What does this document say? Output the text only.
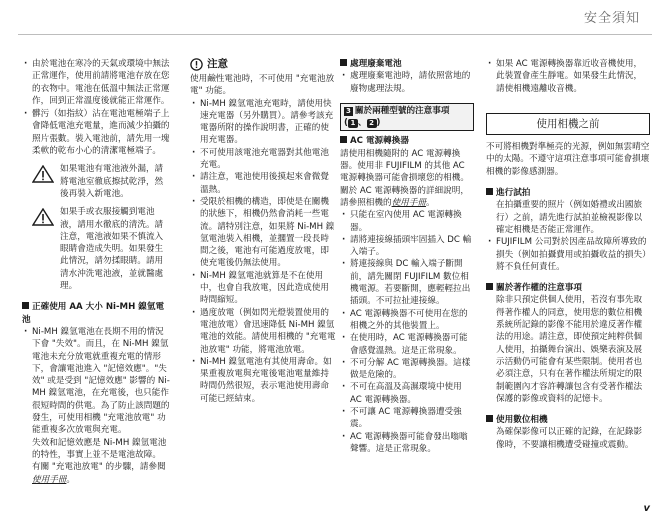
安全須知
· 由於電池在寒冷的天氣或環境中無法正常運作，使用前請將電池存放在您的衣物中。電池在低溫中無法正常運作，回到正常溫度後就能正常運作。
· 髒污（如指紋）沾在電池電極端子上會降低電池充電量，進而減少拍攝的照片張數。裝入電池前，請先用一塊柔軟的乾布小心的清潔電極端子。

如果電池有電池液外漏，請將電池室徹底擦拭乾淨，然後再裝入新電池。

如果手或衣服接觸到電池液，請用水徹底的清洗。請注意，電池液如果不慎流入眼睛會造成失明。如果發生此情況，請勿揉眼睛。請用清水沖洗電池液，並就醫處理。

正確使用 AA 大小 Ni-MH 鎳氫電池
· Ni-MH 鎳氫電池在長期不用的情況下會 "失效"。而且，在 Ni-MH 鎳氫電池未充分放電就重複充電的情形下，會讓電池進入 "記憶效應"。"失效" 或是受到 "記憶效應" 影響的 Ni-MH 鎳氫電池，在充電後，也只能作很短時間的供電。為了防止該問題的發生，可使用相機 "充電池放電" 功能重複多次放電與充電。

失效和記憶效應是 Ni-MH 鎳氫電池的特性，事實上並不是電池故障。

有關 "充電池放電" 的步驟，請參閱使用手冊。

注意

使用鹼性電池時，不可使用 "充電池放電" 功能。

· Ni-MH 鎳氫電池充電時，請使用快速充電器（另外購買）。請參考該充電器所附的操作說明書，正確的使用充電器。
· 不可使用該電池充電器對其他電池充電。
· 請注意，電池使用後摸起來會微覺溫熱。
· 受限於相機的構造，即使是在關機的狀態下，相機仍然會消耗一些電流。請特別注意，如果將 Ni-MH 鎳氫電池裝入相機，並擱置一段長時間之後，電池有可能過度放電，即使充電後仍無法使用。
· Ni-MH 鎳氫電池就算是不在使用中，也會自我放電，因此造成使用時間縮短。
· 過度放電（例如閃光燈裝置使用的電池放電）會迅速降低 Ni-MH 鎳氫電池的效能。請使用相機的 "充電電池放電" 功能，將電池放電。
· Ni-MH 鎳氫電池有其使用壽命。如果重複放電與充電後電池電量維持時間仍然很短，表示電池使用壽命可能已經結束。
處理廢棄電池
· 處理廢棄電池時，請依照當地的廢物處理法規。
3 關於兩種型號的注意事項
( 1 、 2 )
AC 電源轉換器

請使用相機隨附的 AC 電源轉換器。使用非 FUJIFILM 的其他 AC 電源轉換器可能會損壞您的相機。關於 AC 電源轉換器的詳細說明，請參照相機的使用手冊。

· 只能在室內使用 AC 電源轉換器。
· 請將連接線插頭牢固插入 DC 輸入端子。
· 將連接線與 DC 輸入端子斷開前，請先關閉 FUJIFILM 數位相機電源。若要斷開，應輕輕拉出插頭。不可拉扯連接線。
· AC 電源轉換器不可使用在您的相機之外的其他裝置上。
· 在使用時，AC 電源轉換器可能會感覺溫熱。這是正常現象。
· 不可分解 AC 電源轉換器。這樣做是危險的。
· 不可在高溫及高濕環境中使用 AC 電源轉換器。
· 不可讓 AC 電源轉換器遭受強震。
· AC 電源轉換器可能會發出嗡嗡聲響。這是正常現象。
· 如果 AC 電源轉換器靠近收音機使用，此裝置會產生靜電。如果發生此情況，請使相機遠離收音機。
使用相機之前

不可將相機對準極亮的光源，例如無雲晴空中的太陽。不遵守這項注意事項可能會損壞相機的影像感測器。

進行試拍

在拍攝重要的照片（例如婚禮或出國旅行）之前，請先進行試拍並檢視影像以確定相機是否能正常運作。

· FUJIFILM 公司對於因產品故障所導致的損失（例如拍攝費用或拍攝收益的損失）將不負任何責任。
關於著作權的注意事項

除非只預定供個人使用，若沒有事先取得著作權人的同意，使用您的數位相機系統所記錄的影像不能用於違反著作權法的用途。請注意，即使預定純粹供個人使用，拍攝舞台演出、娛樂表演及展示活動仍可能會有某些限制。使用者也必須注意，只有在著作權法所規定的限制範圍內才容許轉讓包含有受著作權法保護的影像或資料的記憶卡。

使用數位相機

為確保影像可以正確的記錄，在記錄影像時，不要讓相機遭受碰撞或震動。

v
